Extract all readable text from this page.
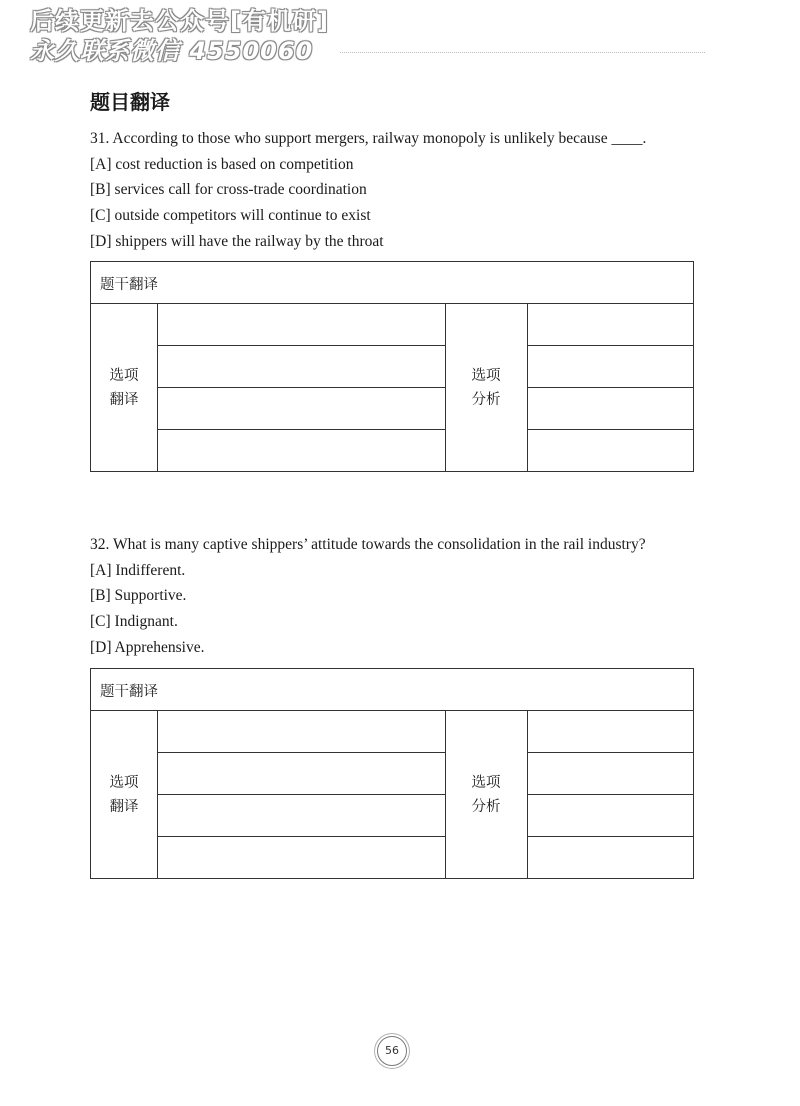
后续更新去公众号[有机研]
永久联系微信 4550060
题目翻译
31. According to those who support mergers, railway monopoly is unlikely because ____.
[A] cost reduction is based on competition
[B] services call for cross-trade coordination
[C] outside competitors will continue to exist
[D] shippers will have the railway by the throat
题干翻译
选项
翻译
选项
分析
32. What is many captive shippers’ attitude towards the consolidation in the rail industry?
[A] Indifferent.
[B] Supportive.
[C] Indignant.
[D] Apprehensive.
题干翻译
选项
翻译
选项
分析
56
